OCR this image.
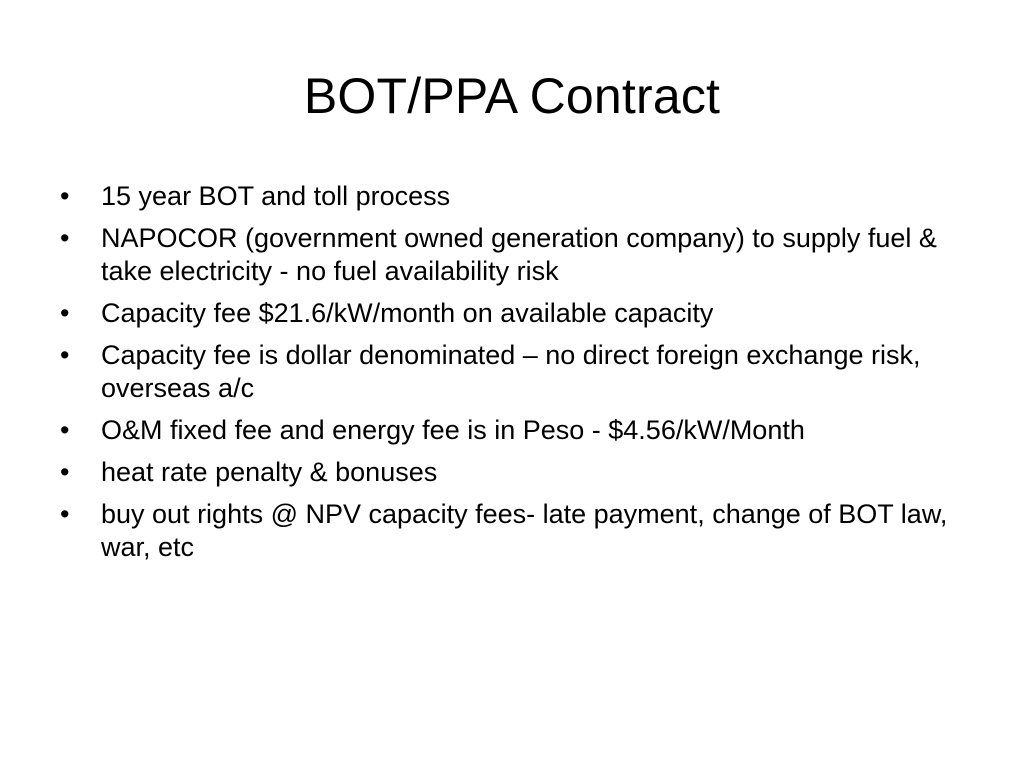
BOT/PPA Contract
•	15 year BOT and toll process
•	NAPOCOR (government owned generation company) to supply fuel & take electricity - no fuel availability risk
•	Capacity fee $21.6/kW/month on available capacity
•	Capacity fee is dollar denominated – no direct foreign exchange risk, overseas a/c
•	O&M fixed fee and energy fee is in Peso - $4.56/kW/Month
•	heat rate penalty & bonuses
•	buy out rights @ NPV capacity fees- late payment, change of BOT law, war, etc
